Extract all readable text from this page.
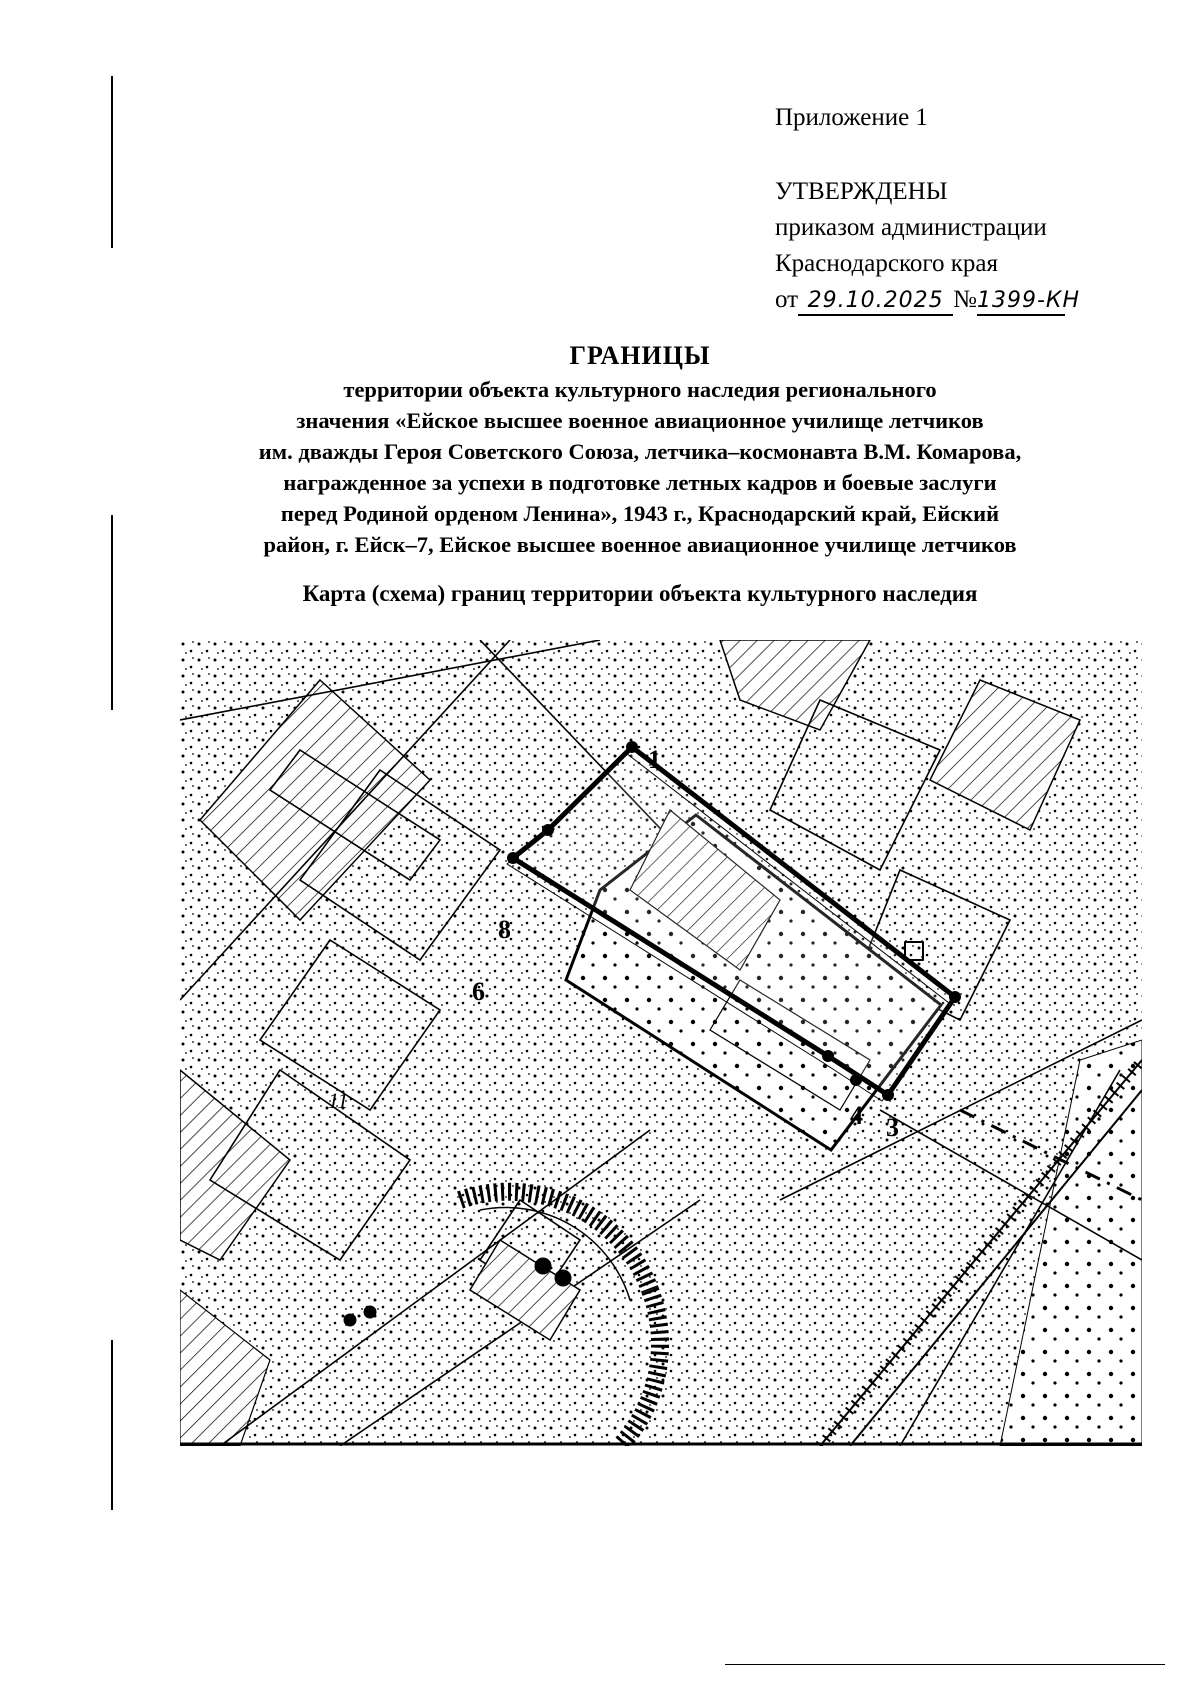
Приложение 1
УТВЕРЖДЕНЫ
приказом администрации
Краснодарского края
от 29.10.2025 №1399-КН
ГРАНИЦЫ
территории объекта культурного наследия регионального
значения «Ейское высшее военное авиационное училище летчиков
им. дважды Героя Советского Союза, летчика–космонавта В.М. Комарова,
награжденное за успехи в подготовке летных кадров и боевые заслуги
перед Родиной орденом Ленина», 1943 г., Краснодарский край, Ейский
район, г. Ейск–7, Ейское высшее военное авиационное училище летчиков
Карта (схема) границ территории объекта культурного наследия
1
3
4
6
8
11
